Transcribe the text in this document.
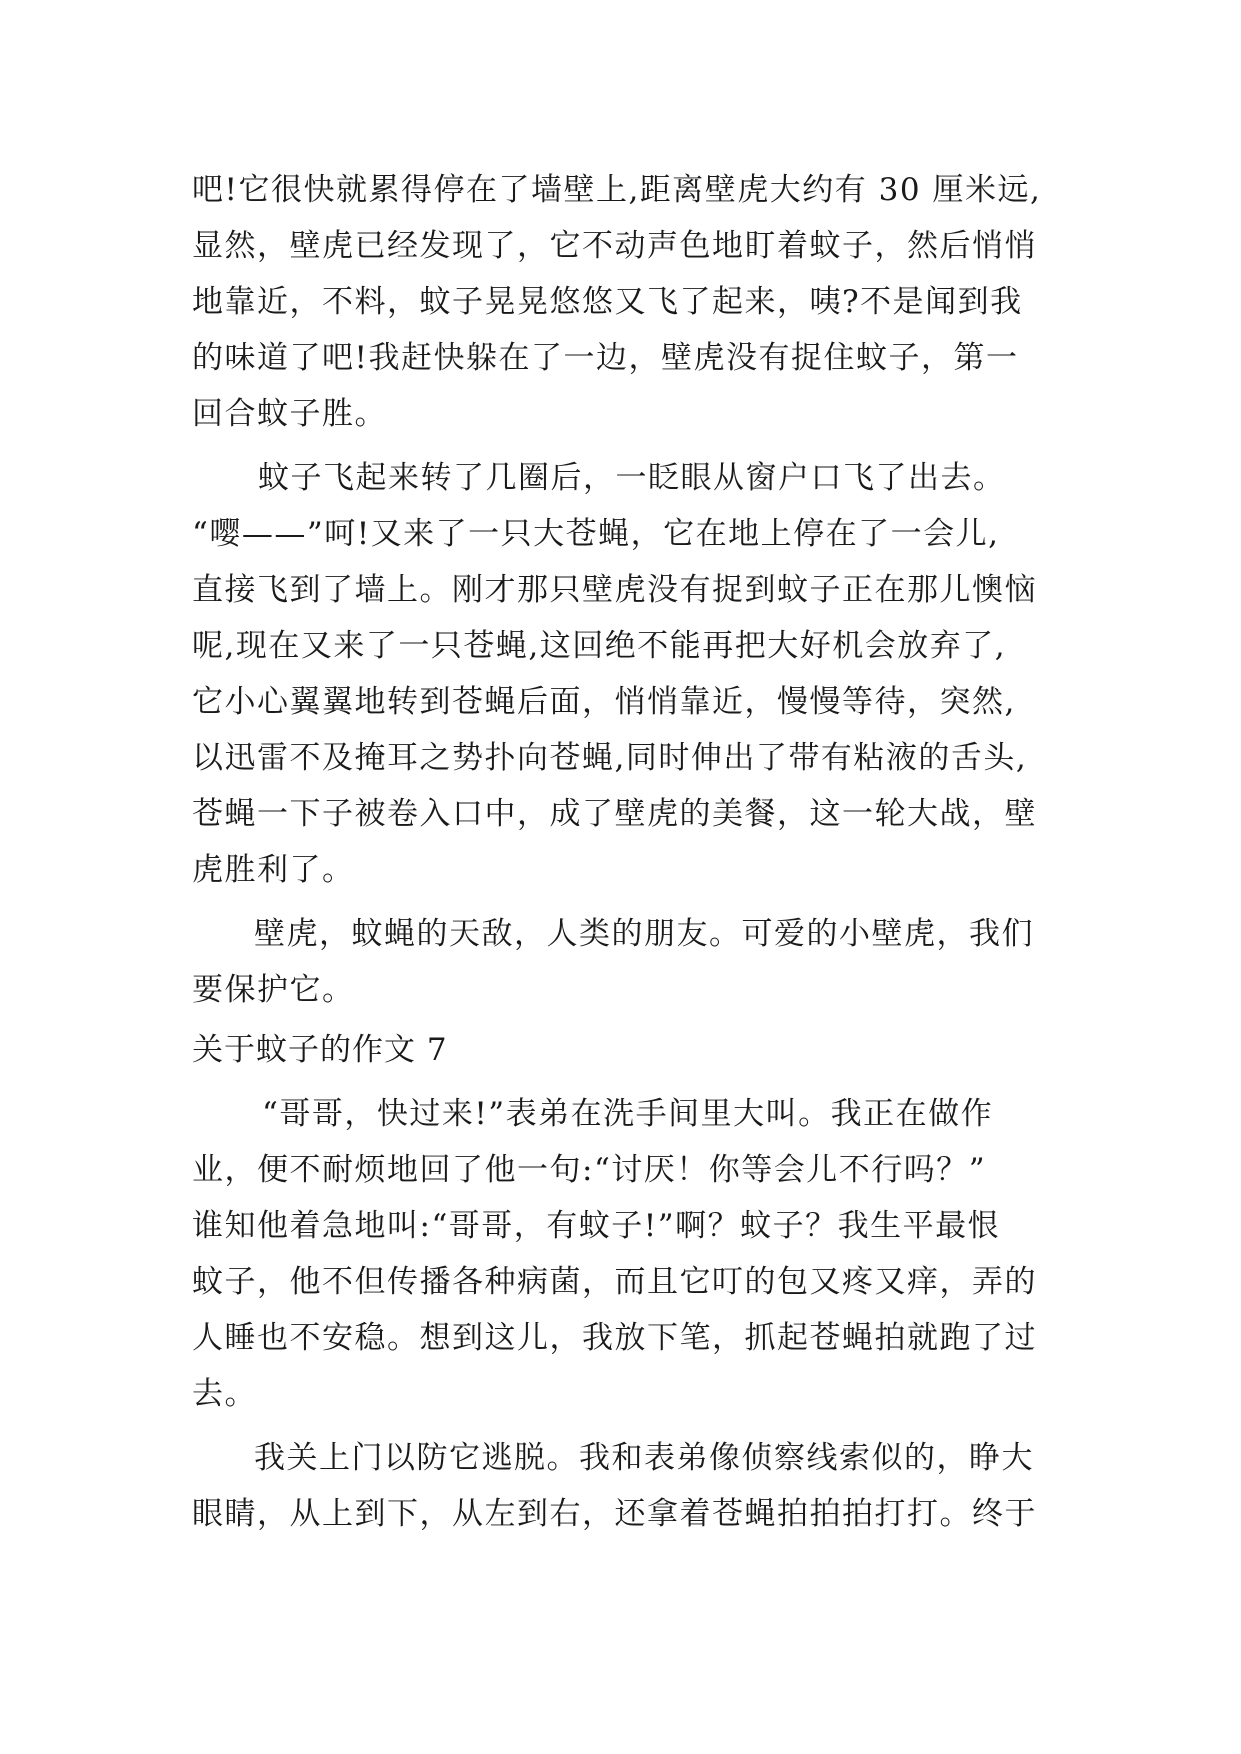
吧!它很快就累得停在了墙壁上,距离壁虎大约有 30 厘米远,
显然，壁虎已经发现了，它不动声色地盯着蚊子，然后悄悄
地靠近，不料，蚊子晃晃悠悠又飞了起来，咦?不是闻到我
的味道了吧!我赶快躲在了一边，壁虎没有捉住蚊子，第一
回合蚊子胜。
蚊子飞起来转了几圈后，一眨眼从窗户口飞了出去。
“嘤——”呵!又来了一只大苍蝇，它在地上停在了一会儿,
直接飞到了墙上。刚才那只壁虎没有捉到蚊子正在那儿懊恼
呢,现在又来了一只苍蝇,这回绝不能再把大好机会放弃了,
它小心翼翼地转到苍蝇后面，悄悄靠近，慢慢等待，突然,
以迅雷不及掩耳之势扑向苍蝇,同时伸出了带有粘液的舌头,
苍蝇一下子被卷入口中，成了壁虎的美餐，这一轮大战，壁
虎胜利了。
壁虎，蚊蝇的天敌，人类的朋友。可爱的小壁虎，我们
要保护它。
关于蚊子的作文 7
“哥哥，快过来!”表弟在洗手间里大叫。我正在做作
业，便不耐烦地回了他一句:“讨厌！你等会儿不行吗？”
谁知他着急地叫:“哥哥，有蚊子!”啊？蚊子？我生平最恨
蚊子，他不但传播各种病菌，而且它叮的包又疼又痒，弄的
人睡也不安稳。想到这儿，我放下笔，抓起苍蝇拍就跑了过
去。
我关上门以防它逃脱。我和表弟像侦察线索似的，睁大
眼睛，从上到下，从左到右，还拿着苍蝇拍拍拍打打。终于
